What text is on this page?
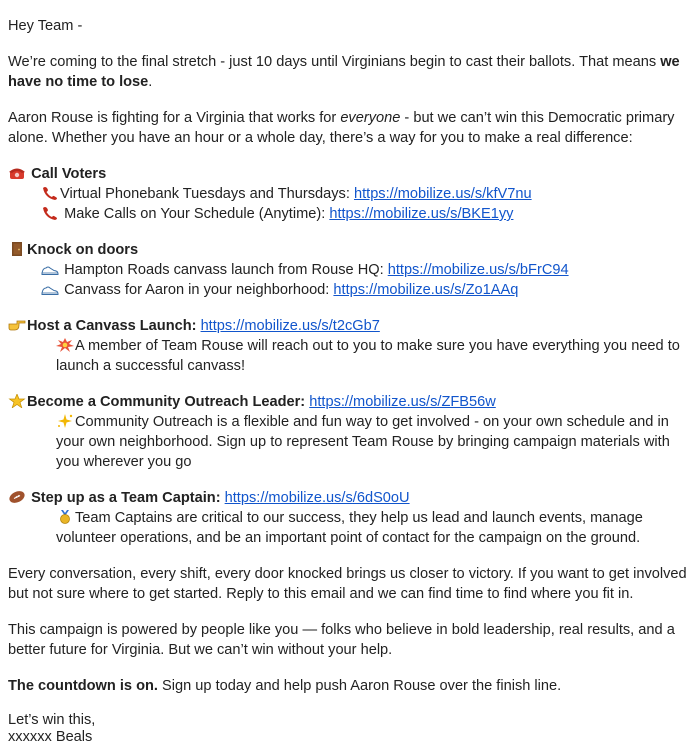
Hey Team -

We’re coming to the final stretch - just 10 days until Virginians begin to cast their ballots. That means we have no time to lose.

Aaron Rouse is fighting for a Virginia that works for everyone - but we can’t win this Democratic primary alone. Whether you have an hour or a whole day, there’s a way for you to make a real difference:

Call Voters

Virtual Phonebank Tuesdays and Thursdays: https://mobilize.us/s/kfV7nu

Make Calls on Your Schedule (Anytime): https://mobilize.us/s/BKE1yy

Knock on doors

Hampton Roads canvass launch from Rouse HQ: https://mobilize.us/s/bFrC94

Canvass for Aaron in your neighborhood: https://mobilize.us/s/Zo1AAq

Host a Canvass Launch: https://mobilize.us/s/t2cGb7

A member of Team Rouse will reach out to you to make sure you have everything you need to launch a successful canvass!

Become a Community Outreach Leader: https://mobilize.us/s/ZFB56w

Community Outreach is a flexible and fun way to get involved - on your own schedule and in your own neighborhood. Sign up to represent Team Rouse by bringing campaign materials with you wherever you go

Step up as a Team Captain: https://mobilize.us/s/6dS0oU

Team Captains are critical to our success, they help us lead and launch events, manage volunteer operations, and be an important point of contact for the campaign on the ground.

Every conversation, every shift, every door knocked brings us closer to victory. If you want to get involved but not sure where to get started. Reply to this email and we can find time to find where you fit in.

This campaign is powered by people like you — folks who believe in bold leadership, real results, and a better future for Virginia. But we can’t win without your help.

The countdown is on. Sign up today and help push Aaron Rouse over the finish line.

Let’s win this,

xxxxxx Beals
